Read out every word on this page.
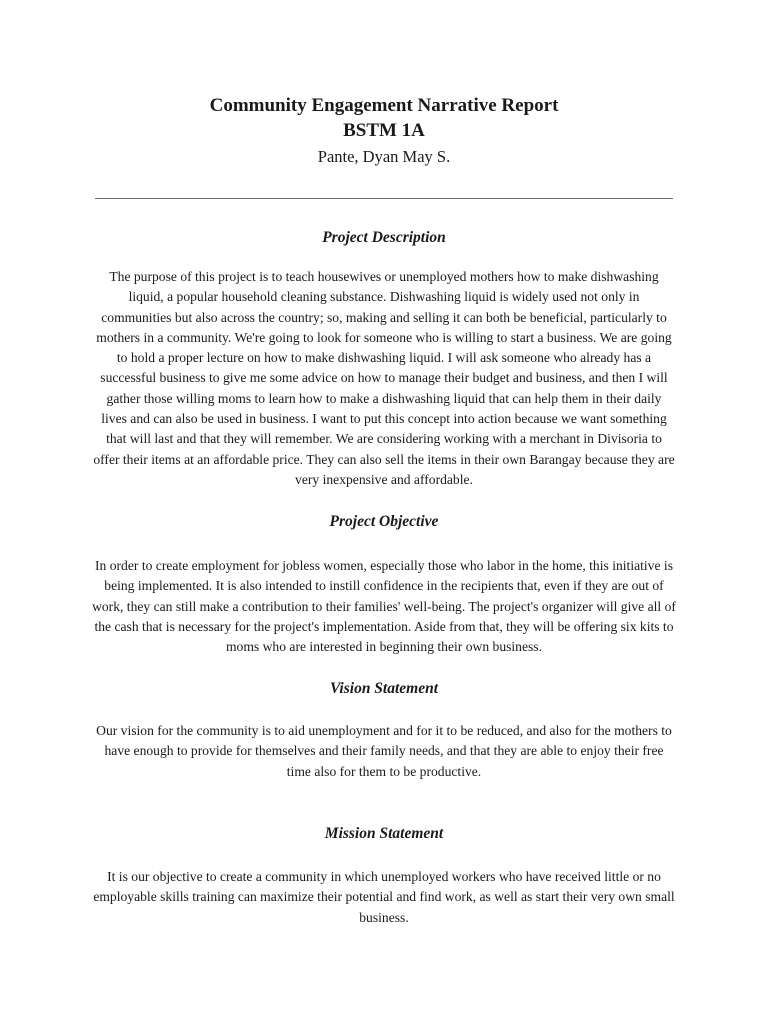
Community Engagement Narrative Report
BSTM 1A
Pante, Dyan May S.
Project Description
The purpose of this project is to teach housewives or unemployed mothers how to make dishwashing liquid, a popular household cleaning substance. Dishwashing liquid is widely used not only in communities but also across the country; so, making and selling it can both be beneficial, particularly to mothers in a community. We're going to look for someone who is willing to start a business. We are going to hold a proper lecture on how to make dishwashing liquid. I will ask someone who already has a successful business to give me some advice on how to manage their budget and business, and then I will gather those willing moms to learn how to make a dishwashing liquid that can help them in their daily lives and can also be used in business. I want to put this concept into action because we want something that will last and that they will remember. We are considering working with a merchant in Divisoria to offer their items at an affordable price. They can also sell the items in their own Barangay because they are very inexpensive and affordable.
Project Objective
In order to create employment for jobless women, especially those who labor in the home, this initiative is being implemented. It is also intended to instill confidence in the recipients that, even if they are out of work, they can still make a contribution to their families' well-being. The project's organizer will give all of the cash that is necessary for the project's implementation. Aside from that, they will be offering six kits to moms who are interested in beginning their own business.
Vision Statement
Our vision for the community is to aid unemployment and for it to be reduced, and also for the mothers to have enough to provide for themselves and their family needs, and that they are able to enjoy their free time also for them to be productive.
Mission Statement
It is our objective to create a community in which unemployed workers who have received little or no employable skills training can maximize their potential and find work, as well as start their very own small business.
